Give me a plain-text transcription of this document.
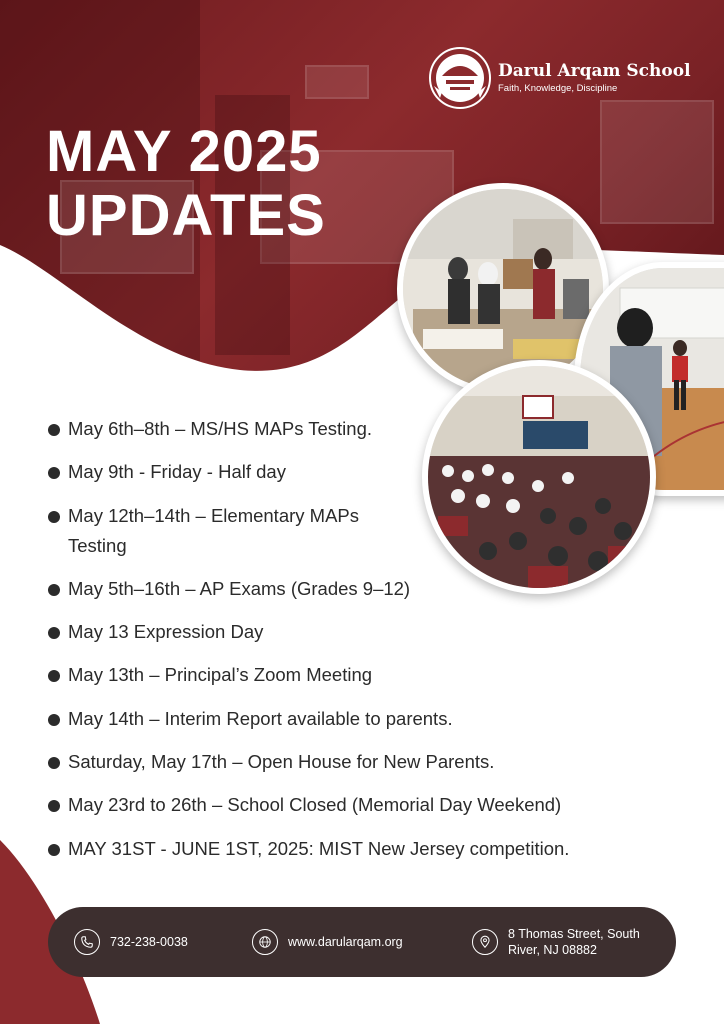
MAY 2025
UPDATES
Darul Arqam School
Faith, Knowledge, Discipline
May 6th–8th – MS/HS MAPs Testing.
May 9th - Friday - Half day
May 12th–14th – Elementary MAPs Testing
May 5th–16th – AP Exams (Grades 9–12)
May 13 Expression Day
May 13th – Principal’s Zoom Meeting
May 14th – Interim Report available to parents.
Saturday, May 17th – Open House for New Parents.
May 23rd to 26th – School Closed (Memorial Day Weekend)
MAY 31ST - JUNE 1ST, 2025: MIST New Jersey competition.
732-238-0038	www.darularqam.org
8 Thomas Street, South
River, NJ 08882
